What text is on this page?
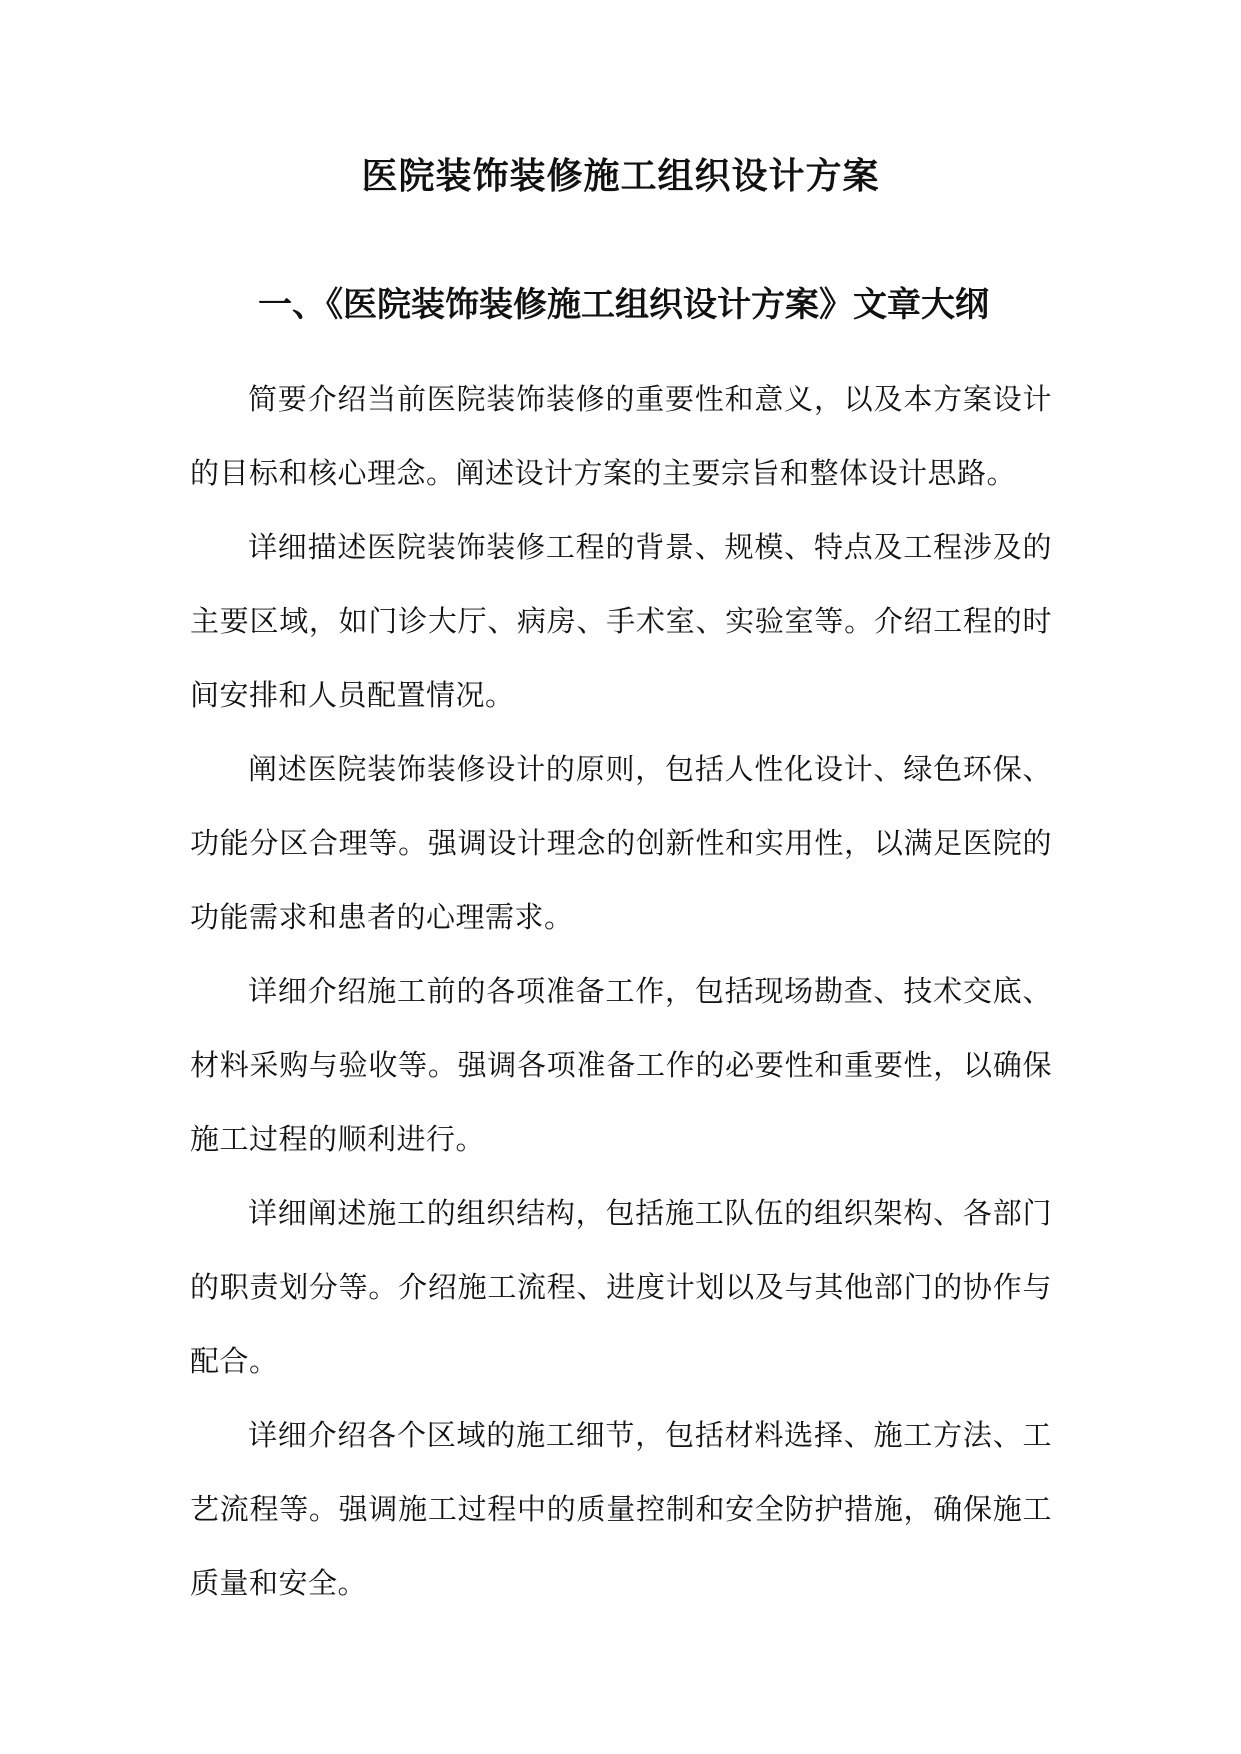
医院装饰装修施工组织设计方案
一、《医院装饰装修施工组织设计方案》文章大纲

简要介绍当前医院装饰装修的重要性和意义，以及本方案设计的目标和核心理念。阐述设计方案的主要宗旨和整体设计思路。

详细描述医院装饰装修工程的背景、规模、特点及工程涉及的主要区域，如门诊大厅、病房、手术室、实验室等。介绍工程的时间安排和人员配置情况。

阐述医院装饰装修设计的原则，包括人性化设计、绿色环保、功能分区合理等。强调设计理念的创新性和实用性，以满足医院的功能需求和患者的心理需求。

详细介绍施工前的各项准备工作，包括现场勘查、技术交底、材料采购与验收等。强调各项准备工作的必要性和重要性，以确保施工过程的顺利进行。

详细阐述施工的组织结构，包括施工队伍的组织架构、各部门的职责划分等。介绍施工流程、进度计划以及与其他部门的协作与配合。

详细介绍各个区域的施工细节，包括材料选择、施工方法、工艺流程等。强调施工过程中的质量控制和安全防护措施，确保施工质量和安全。
